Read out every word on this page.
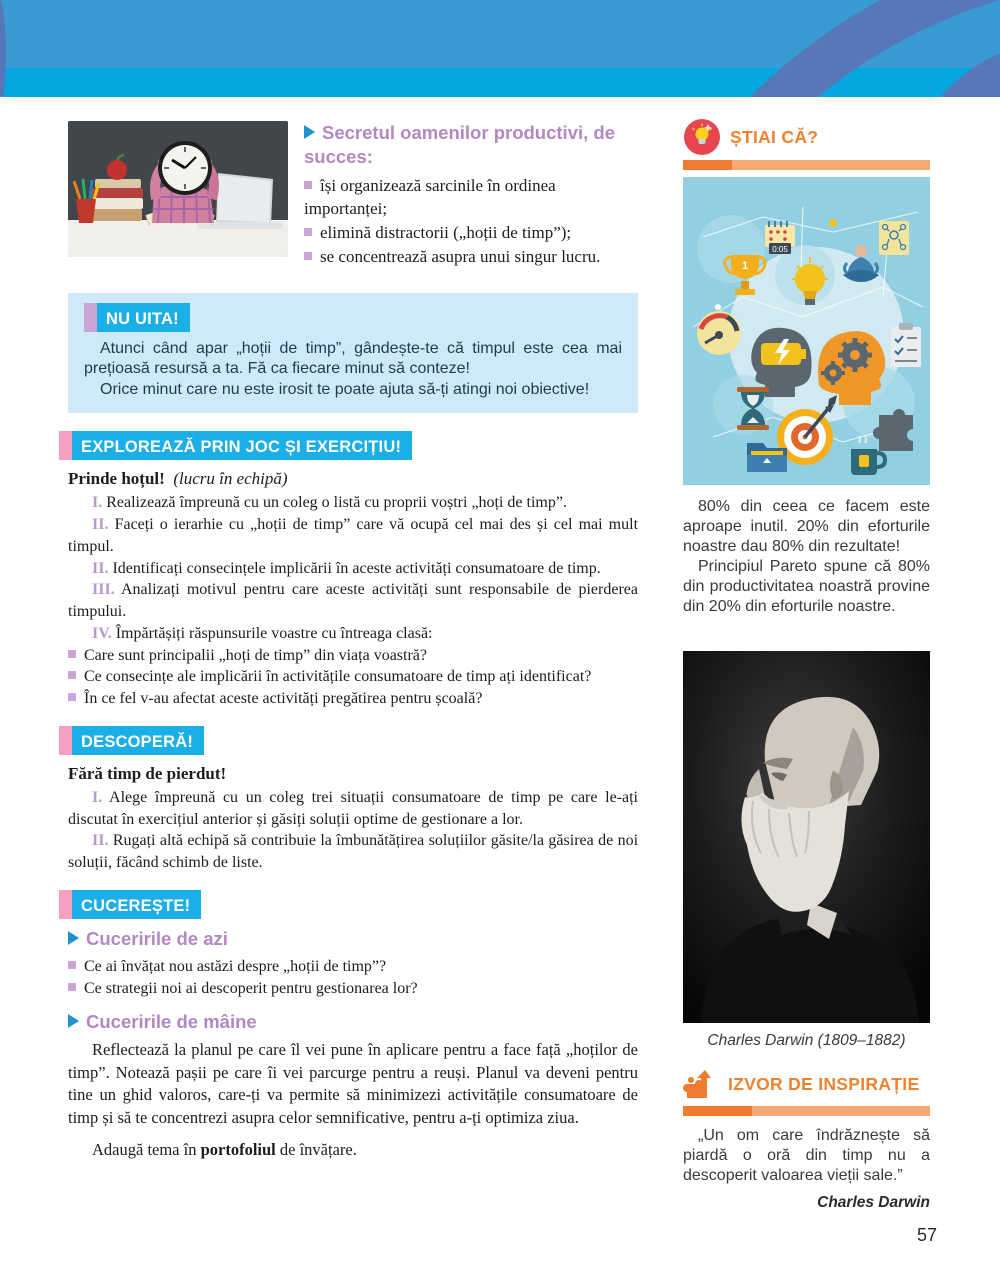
Secretul oamenilor productivi, de succes:

își organizează sarcinile în ordinea importanței;

elimină distractorii („hoții de timp”);

se concentrează asupra unui singur lucru.

NU UITA!

Atunci când apar „hoții de timp”, gândește-te că timpul este cea mai prețioasă resursă a ta. Fă ca fiecare minut să conteze!

Orice minut care nu este irosit te poate ajuta să-ți atingi noi obiective!

EXPLOREAZĂ PRIN JOC ȘI EXERCIȚIU!

Prinde hoțul! (lucru în echipă)

I. Realizează împreună cu un coleg o listă cu proprii voștri „hoți de timp”.

II. Faceți o ierarhie cu „hoții de timp” care vă ocupă cel mai des și cel mai mult timpul.

II. Identificați consecințele implicării în aceste activități consumatoare de timp.

III. Analizați motivul pentru care aceste activități sunt responsabile de pierderea timpului.

IV. Împărtășiți răspunsurile voastre cu întreaga clasă:

Care sunt principalii „hoți de timp” din viața voastră?

Ce consecințe ale implicării în activitățile consumatoare de timp ați identificat?

În ce fel v-au afectat aceste activități pregătirea pentru școală?

DESCOPERĂ!

Fără timp de pierdut!

I. Alege împreună cu un coleg trei situații consumatoare de timp pe care le-ați discutat în exercițiul anterior și găsiți soluții optime de gestionare a lor.

II. Rugați altă echipă să contribuie la îmbunătățirea soluțiilor găsite/la găsirea de noi soluții, făcând schimb de liste.

CUCEREȘTE!

Cuceririle de azi

Ce ai învățat nou astăzi despre „hoții de timp”?

Ce strategii noi ai descoperit pentru gestionarea lor?

Cuceririle de mâine

Reflectează la planul pe care îl vei pune în aplicare pentru a face față „hoților de timp”. Notează pașii pe care îi vei parcurge pentru a reuși. Planul va deveni pentru tine un ghid valoros, care-ți va permite să minimizezi activitățile consumatoare de timp și să te concentrezi asupra celor semnificative, pentru a-ți optimiza ziua.

Adaugă tema în portofoliul de învățare.

ȘTIAI CĂ?
0:05
1

80% din ceea ce facem este aproape inutil. 20% din eforturile noastre dau 80% din rezultate!

Principiul Pareto spune că 80% din productivitatea noastră provine din 20% din eforturile noastre.

Charles Darwin (1809–1882)
IZVOR DE INSPIRAȚIE

„Un om care îndrăznește să piardă o oră din timp nu a descoperit valoarea vieții sale.”

Charles Darwin
57
